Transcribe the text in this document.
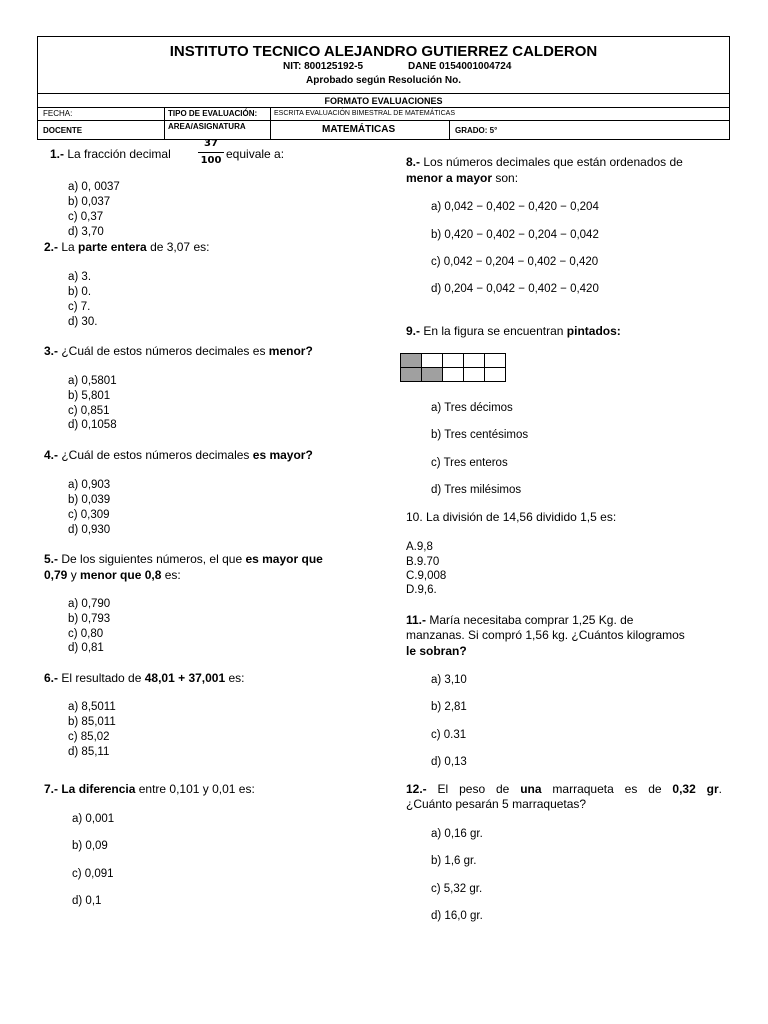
INSTITUTO TECNICO ALEJANDRO GUTIERREZ CALDERON
NIT: 800125192-5	DANE 0154001004724
Aprobado según Resolución No.
FORMATO EVALUACIONES
FECHA:	TIPO DE EVALUACIÓN: ESCRITA EVALUACIÓN BIMESTRAL DE MATEMÁTICAS
DOCENTE	AREA/ASIGNATURA	MATEMÁTICAS	GRADO: 5°
1.- La fracción decimal
37
100 equivale a:
a) 0, 0037
b) 0,037
c) 0,37
d) 3,70
2.- La parte entera de 3,07 es:
a) 3.
b) 0.
c) 7.
d) 30.
3.- ¿Cuál de estos números decimales es menor?
a) 0,5801
b) 5,801
c) 0,851
d) 0,1058
4.- ¿Cuál de estos números decimales es mayor?
a) 0,903
b) 0,039
c) 0,309
d) 0,930
5.- De los siguientes números, el que es mayor que
0,79 y menor que 0,8 es:
a) 0,790
b) 0,793
c) 0,80
d) 0,81
6.- El resultado de 48,01 + 37,001 es:
a) 8,5011
b) 85,011
c) 85,02
d) 85,11
7.- La diferencia entre 0,101 y 0,01 es:
a) 0,001
b) 0,09
c) 0,091
d) 0,1
8.- Los números decimales que están ordenados de
menor a mayor son:
a) 0,042 − 0,402 − 0,420 − 0,204
b) 0,420 − 0,402 − 0,204 − 0,042
c) 0,042 − 0,204 − 0,402 − 0,420
d) 0,204 − 0,042 − 0,402 − 0,420
9.- En la figura se encuentran pintados:
a) Tres décimos
b) Tres centésimos
c) Tres enteros
d) Tres milésimos
10. La división de 14,56 dividido 1,5 es:
A.9,8
B.9.70
C.9,008
D.9,6.
11.- María necesitaba comprar 1,25 Kg. de
manzanas. Si compró 1,56 kg. ¿Cuántos kilogramos
le sobran?
a) 3,10
b) 2,81
c) 0.31
d) 0,13
12.- El peso de una marraqueta es de 0,32 gr.
¿Cuánto pesarán 5 marraquetas?
a) 0,16 gr.
b) 1,6 gr.
c) 5,32 gr.
d) 16,0 gr.
